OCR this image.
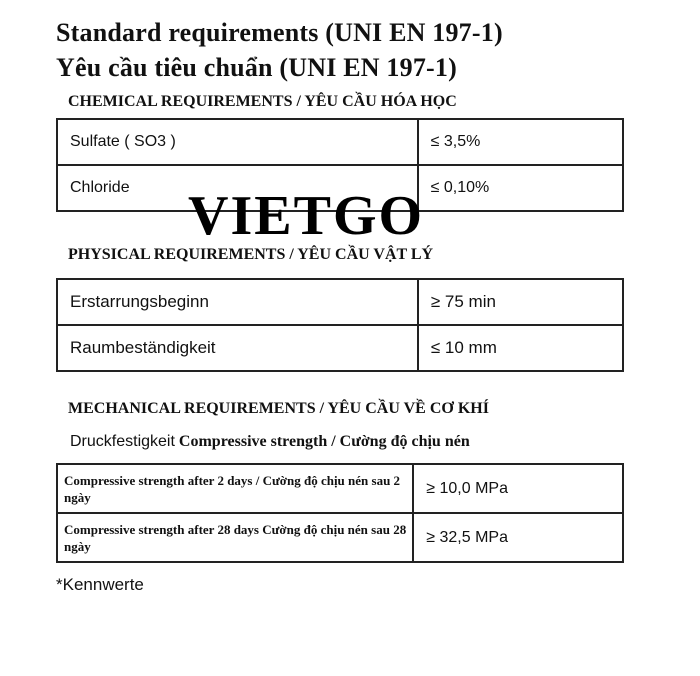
Standard requirements (UNI EN 197-1)
Yêu cầu tiêu chuẩn (UNI EN 197-1)
CHEMICAL REQUIREMENTS / YÊU CẦU HÓA HỌC
Sulfate ( SO3 )	≤ 3,5%
Chloride	≤ 0,10%
PHYSICAL REQUIREMENTS / YÊU CẦU VẬT LÝ
Erstarrungsbeginn	≥ 75 min
Raumbeständigkeit	≤ 10 mm
MECHANICAL REQUIREMENTS / YÊU CẦU VỀ CƠ KHÍ
Druckfestigkeit Compressive strength / Cường độ chịu nén
Compressive strength after 2 days / Cường độ chịu nén sau 2 ngày	≥ 10,0 MPa
Compressive strength after 28 days Cường độ chịu nén sau 28 ngày	≥ 32,5 MPa
*Kennwerte
VIETGO
